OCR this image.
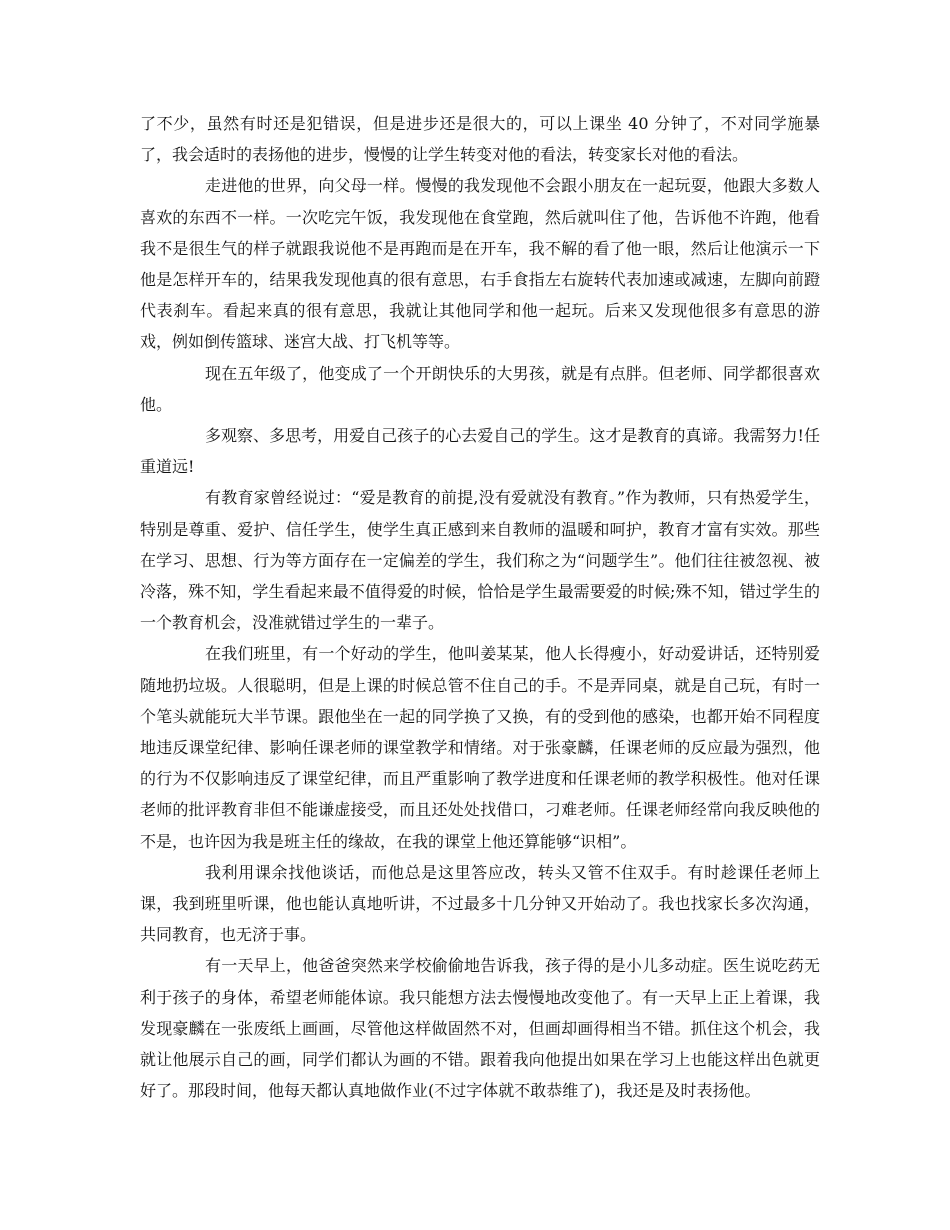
了不少，虽然有时还是犯错误，但是进步还是很大的，可以上课坐 40 分钟了，不对同学施暴了，我会适时的表扬他的进步，慢慢的让学生转变对他的看法，转变家长对他的看法。

走进他的世界，向父母一样。慢慢的我发现他不会跟小朋友在一起玩耍，他跟大多数人喜欢的东西不一样。一次吃完午饭，我发现他在食堂跑，然后就叫住了他，告诉他不许跑，他看我不是很生气的样子就跟我说他不是再跑而是在开车，我不解的看了他一眼，然后让他演示一下他是怎样开车的，结果我发现他真的很有意思，右手食指左右旋转代表加速或减速，左脚向前蹬代表刹车。看起来真的很有意思，我就让其他同学和他一起玩。后来又发现他很多有意思的游戏，例如倒传篮球、迷宫大战、打飞机等等。

现在五年级了，他变成了一个开朗快乐的大男孩，就是有点胖。但老师、同学都很喜欢他。

多观察、多思考，用爱自己孩子的心去爱自己的学生。这才是教育的真谛。我需努力!任重道远!

有教育家曾经说过：“爱是教育的前提,没有爱就没有教育。”作为教师，只有热爱学生，特别是尊重、爱护、信任学生，使学生真正感到来自教师的温暖和呵护，教育才富有实效。那些在学习、思想、行为等方面存在一定偏差的学生，我们称之为“问题学生”。他们往往被忽视、被冷落，殊不知，学生看起来最不值得爱的时候，恰恰是学生最需要爱的时候;殊不知，错过学生的一个教育机会，没准就错过学生的一辈子。

在我们班里，有一个好动的学生，他叫姜某某，他人长得瘦小，好动爱讲话，还特别爱随地扔垃圾。人很聪明，但是上课的时候总管不住自己的手。不是弄同桌，就是自己玩，有时一个笔头就能玩大半节课。跟他坐在一起的同学换了又换，有的受到他的感染，也都开始不同程度地违反课堂纪律、影响任课老师的课堂教学和情绪。对于张豪麟，任课老师的反应最为强烈，他的行为不仅影响违反了课堂纪律，而且严重影响了教学进度和任课老师的教学积极性。他对任课老师的批评教育非但不能谦虚接受，而且还处处找借口，刁难老师。任课老师经常向我反映他的不是，也许因为我是班主任的缘故，在我的课堂上他还算能够“识相”。

我利用课余找他谈话，而他总是这里答应改，转头又管不住双手。有时趁课任老师上课，我到班里听课，他也能认真地听讲，不过最多十几分钟又开始动了。我也找家长多次沟通，共同教育，也无济于事。

有一天早上，他爸爸突然来学校偷偷地告诉我，孩子得的是小儿多动症。医生说吃药无利于孩子的身体，希望老师能体谅。我只能想方法去慢慢地改变他了。有一天早上正上着课，我发现豪麟在一张废纸上画画，尽管他这样做固然不对，但画却画得相当不错。抓住这个机会，我就让他展示自己的画，同学们都认为画的不错。跟着我向他提出如果在学习上也能这样出色就更好了。那段时间，他每天都认真地做作业(不过字体就不敢恭维了)，我还是及时表扬他。
